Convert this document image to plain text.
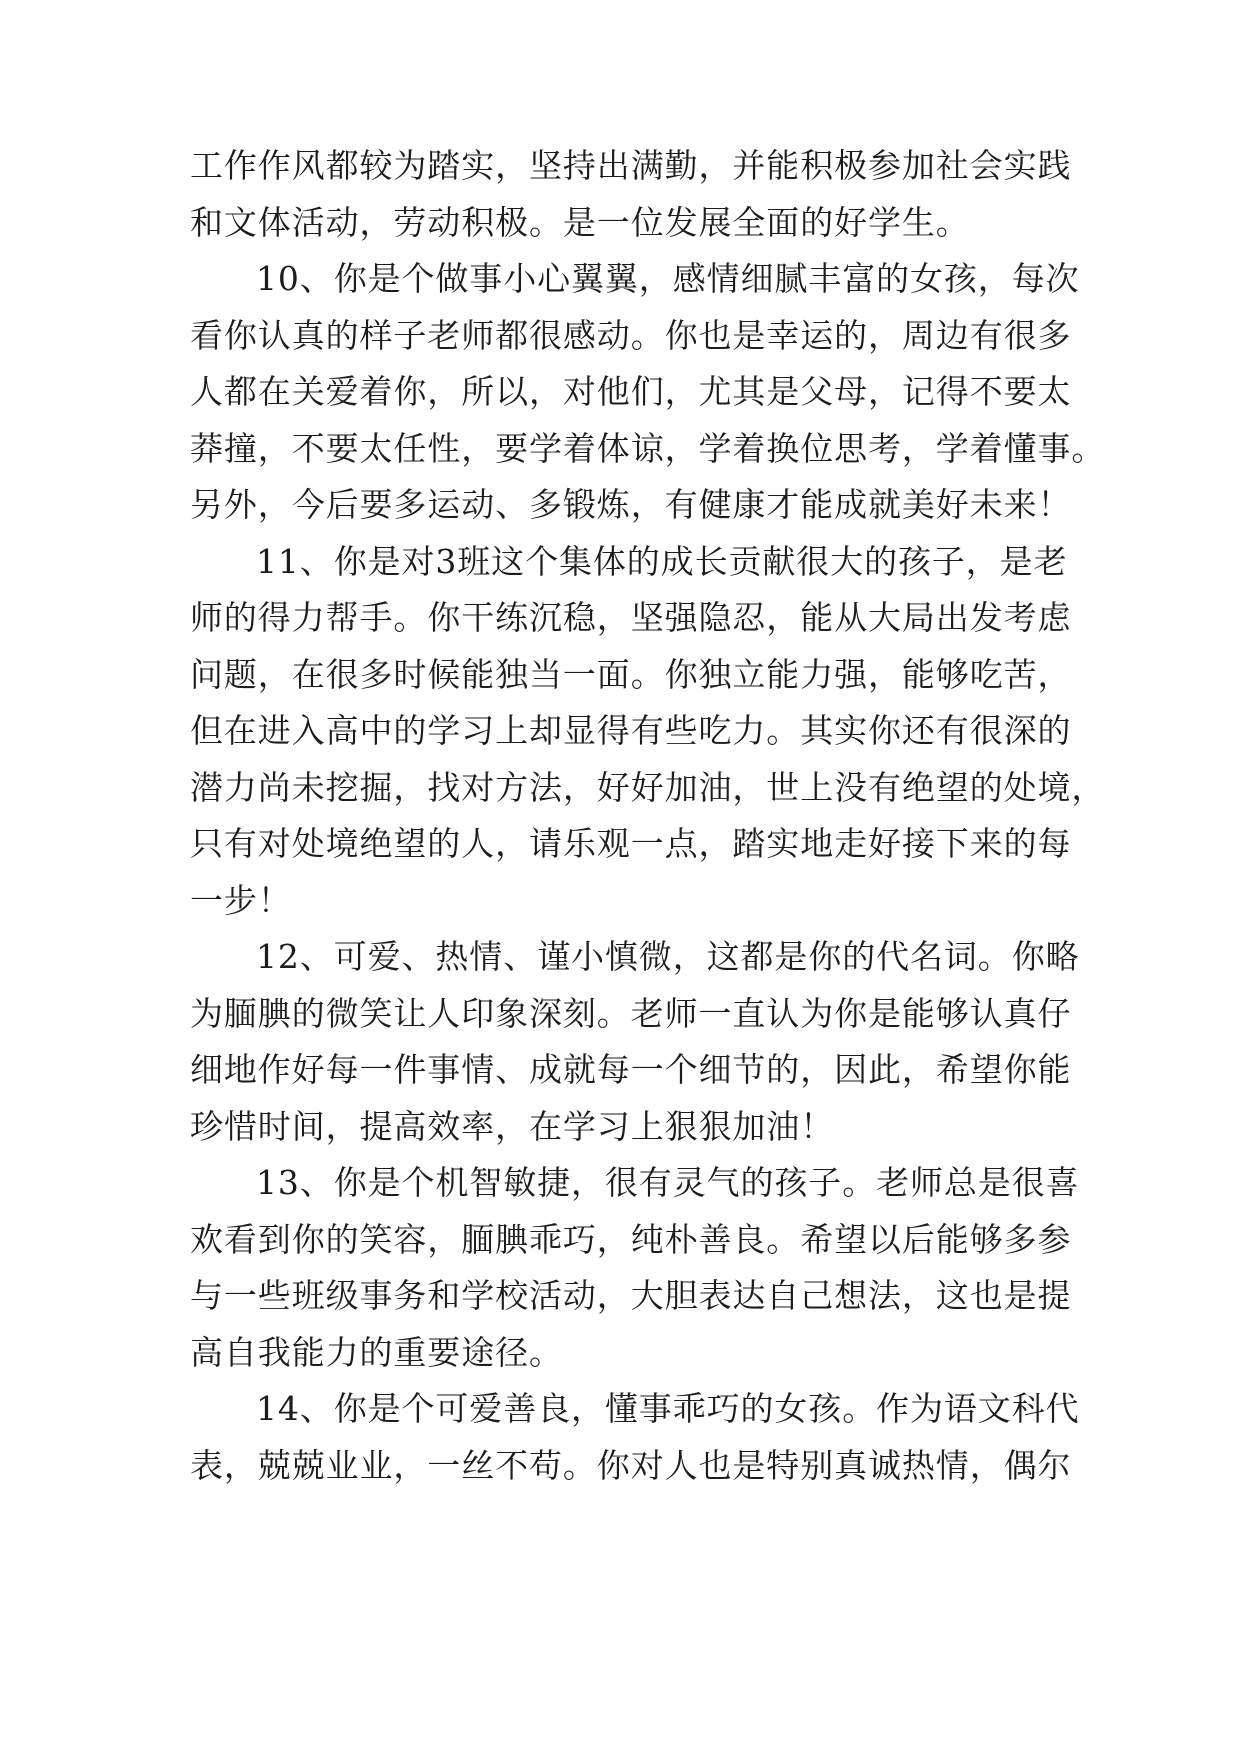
工作作风都较为踏实，坚持出满勤，并能积极参加社会实践
和文体活动，劳动积极。是一位发展全面的好学生。
10、你是个做事小心翼翼，感情细腻丰富的女孩，每次
看你认真的样子老师都很感动。你也是幸运的，周边有很多
人都在关爱着你，所以，对他们，尤其是父母，记得不要太
莽撞，不要太任性，要学着体谅，学着换位思考，学着懂事。
另外，今后要多运动、多锻炼，有健康才能成就美好未来！
11、你是对3班这个集体的成长贡献很大的孩子，是老
师的得力帮手。你干练沉稳，坚强隐忍，能从大局出发考虑
问题，在很多时候能独当一面。你独立能力强，能够吃苦，
但在进入高中的学习上却显得有些吃力。其实你还有很深的
潜力尚未挖掘，找对方法，好好加油，世上没有绝望的处境，
只有对处境绝望的人，请乐观一点，踏实地走好接下来的每
一步！
12、可爱、热情、谨小慎微，这都是你的代名词。你略
为腼腆的微笑让人印象深刻。老师一直认为你是能够认真仔
细地作好每一件事情、成就每一个细节的，因此，希望你能
珍惜时间，提高效率，在学习上狠狠加油！
13、你是个机智敏捷，很有灵气的孩子。老师总是很喜
欢看到你的笑容，腼腆乖巧，纯朴善良。希望以后能够多参
与一些班级事务和学校活动，大胆表达自己想法，这也是提
高自我能力的重要途径。
14、你是个可爱善良，懂事乖巧的女孩。作为语文科代
表，兢兢业业，一丝不苟。你对人也是特别真诚热情，偶尔
